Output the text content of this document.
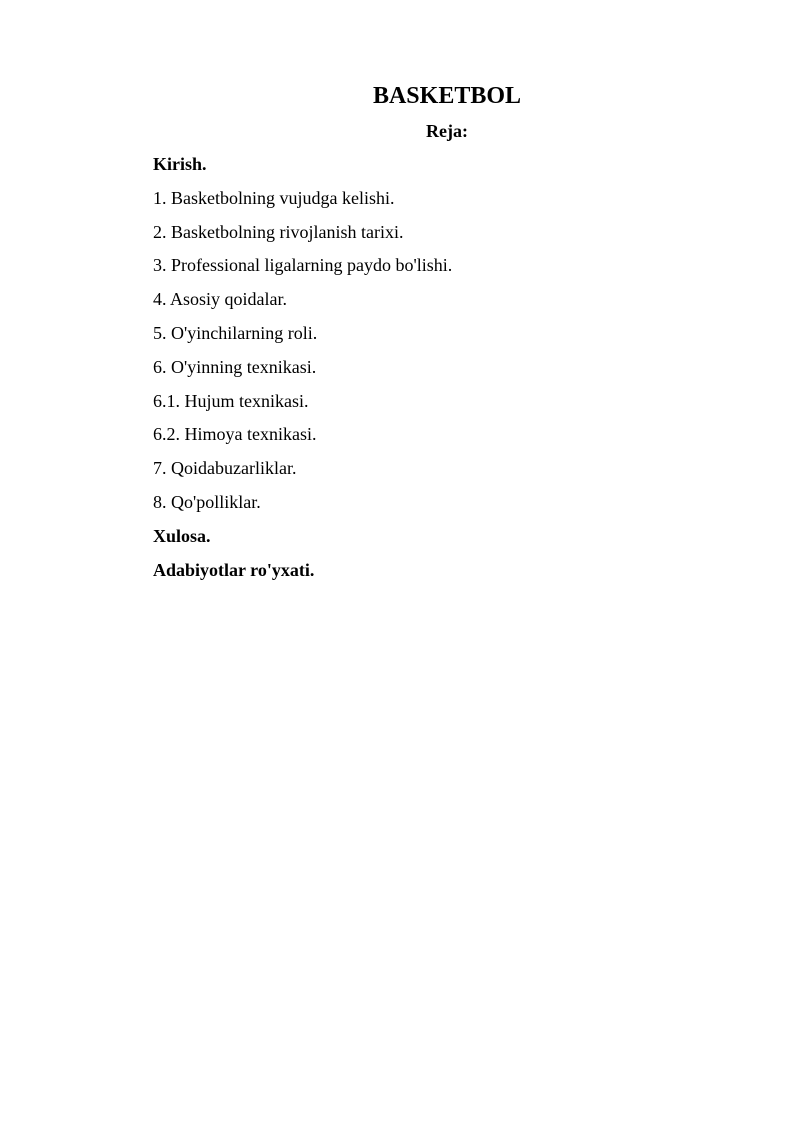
BASKETBOL
Reja:
Kirish.
1. Basketbolning vujudga kelishi.
2. Basketbolning rivojlanish tarixi.
3. Professional ligalarning paydo bo'lishi.
4. Asosiy qoidalar.
5. O'yinchilarning roli.
6. O'yinning texnikasi.
6.1. Hujum texnikasi.
6.2. Himoya texnikasi.
7. Qoidabuzarliklar.
8. Qo'polliklar.
Xulosa.
Adabiyotlar ro'yxati.
